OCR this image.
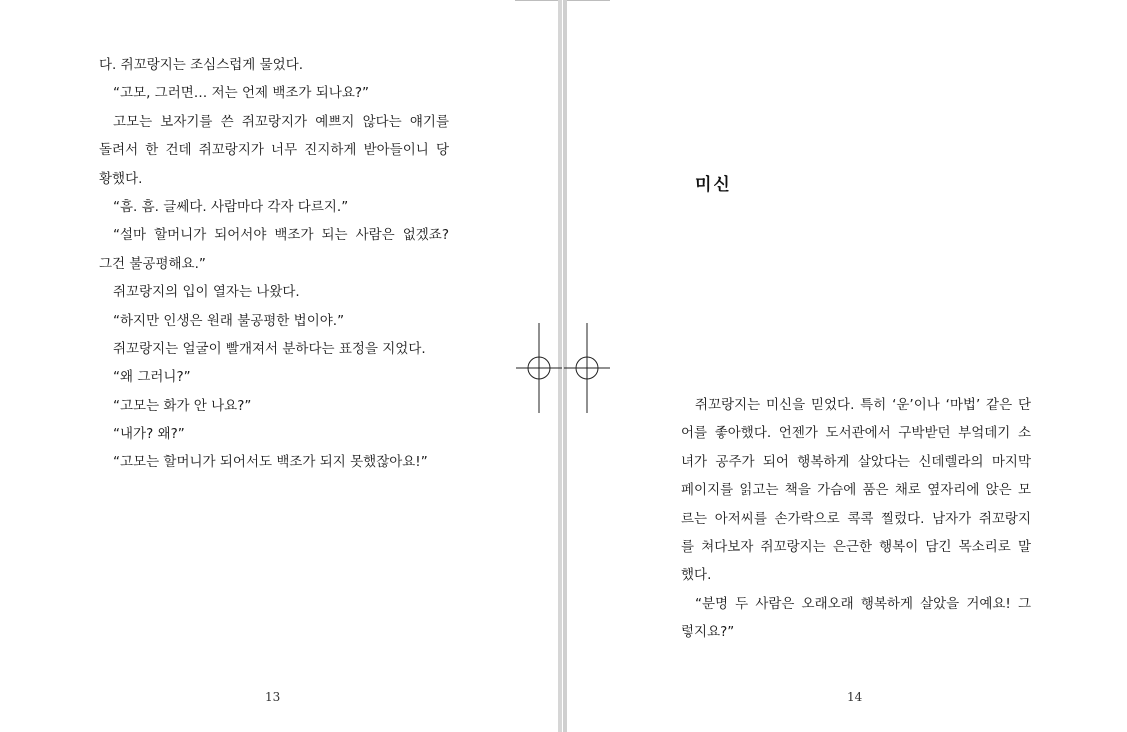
다. 쥐꼬랑지는 조심스럽게 물었다.
“고모, 그러면… 저는 언제 백조가 되나요?”
고모는 보자기를 쓴 쥐꼬랑지가 예쁘지 않다는 얘기를
돌려서 한 건데 쥐꼬랑지가 너무 진지하게 받아들이니 당
황했다.
“흠. 흠. 글쎄다. 사람마다 각자 다르지.”
“설마 할머니가 되어서야 백조가 되는 사람은 없겠죠?
그건 불공평해요.”
쥐꼬랑지의 입이 열자는 나왔다.
“하지만 인생은 원래 불공평한 법이야.”
쥐꼬랑지는 얼굴이 빨개져서 분하다는 표정을 지었다.
“왜 그러니?”
“고모는 화가 안 나요?”
“내가? 왜?”
“고모는 할머니가 되어서도 백조가 되지 못했잖아요!”
미신
쥐꼬랑지는 미신을 믿었다. 특히 ‘운’이나 ‘마법’ 같은 단
어를 좋아했다. 언젠가 도서관에서 구박받던 부엌데기 소
녀가 공주가 되어 행복하게 살았다는 신데렐라의 마지막
페이지를 읽고는 책을 가슴에 품은 채로 옆자리에 앉은 모
르는 아저씨를 손가락으로 콕콕 찔렀다. 남자가 쥐꼬랑지
를 쳐다보자 쥐꼬랑지는 은근한 행복이 담긴 목소리로 말
했다.
“분명 두 사람은 오래오래 행복하게 살았을 거예요! 그
렇지요?”
13	14
